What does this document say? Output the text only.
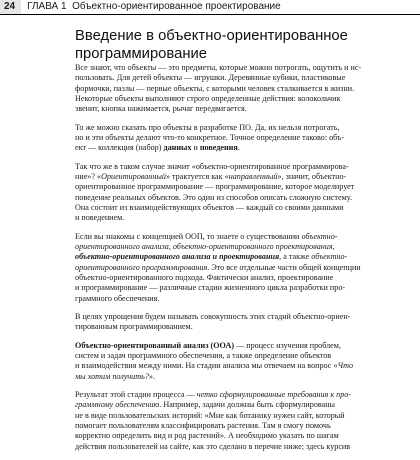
24	ГЛАВА 1 Объектно-ориентированное проектирование
Введение в объектно-ориентированное
программирование

Все знают, что объекты — это предметы, которые можно потрогать, ощутить и ис-
пользовать. Для детей объекты — игрушки. Деревянные кубики, пластиковые
формочки, пазлы — первые объекты, с которыми человек сталкивается в жизни.
Некоторые объекты выполняют строго определенные действия: колокольчик
звенит, кнопка нажимается, рычаг передвигается.

То же можно сказать про объекты в разработке ПО. Да, их нельзя потрогать,
но и эти объекты делают что-то конкретное. Точное определение таково: объ-
ект — коллекция (набор) данных и поведения.

Так что же в таком случае значит «объектно-ориентированное программирова-
ние»? «Ориентированный» трактуется как «направленный», значит, объектно-
ориентированное программирование — программирование, которое моделирует
поведение реальных объектов. Это один из способов описать сложную систему.
Она состоит из взаимодействующих объектов — каждый со своими данными
и поведением.

Если вы знакомы с концепцией ООП, то знаете о существовании объектно-
ориентированного анализа, объектно-ориентированного проектирования,
объектно-ориентированного анализа и проектирования, а также объектно-
ориентированного программирования. Это все отдельные части общей концепции
объектно-ориентированного подхода. Фактически анализ, проектирование
и программирование — различные стадии жизненного цикла разработки про-
граммного обеспечения.

В целях упрощения будем называть совокупность этих стадий объектно-ориен-
тированным программированием.

Объектно-ориентированный анализ (ООА) — процесс изучения проблем,
систем и задач программного обеспечения, а также определение объектов
и взаимодействия между ними. На стадии анализа мы отвечаем на вопрос «Что
мы хотим получить?».

Результат этой стадии процесса — четко сформулированные требования к про-
граммному обеспечению. Например, задачи должны быть сформулированы
не в виде пользовательских историй: «Мне как ботанику нужен сайт, который
помогает пользователям классифицировать растения. Там я смогу помочь
корректно определить вид и род растений». А необходимо указать по шагам
действия пользователей на сайте, как это сделано в перечне ниже; здесь курсив
